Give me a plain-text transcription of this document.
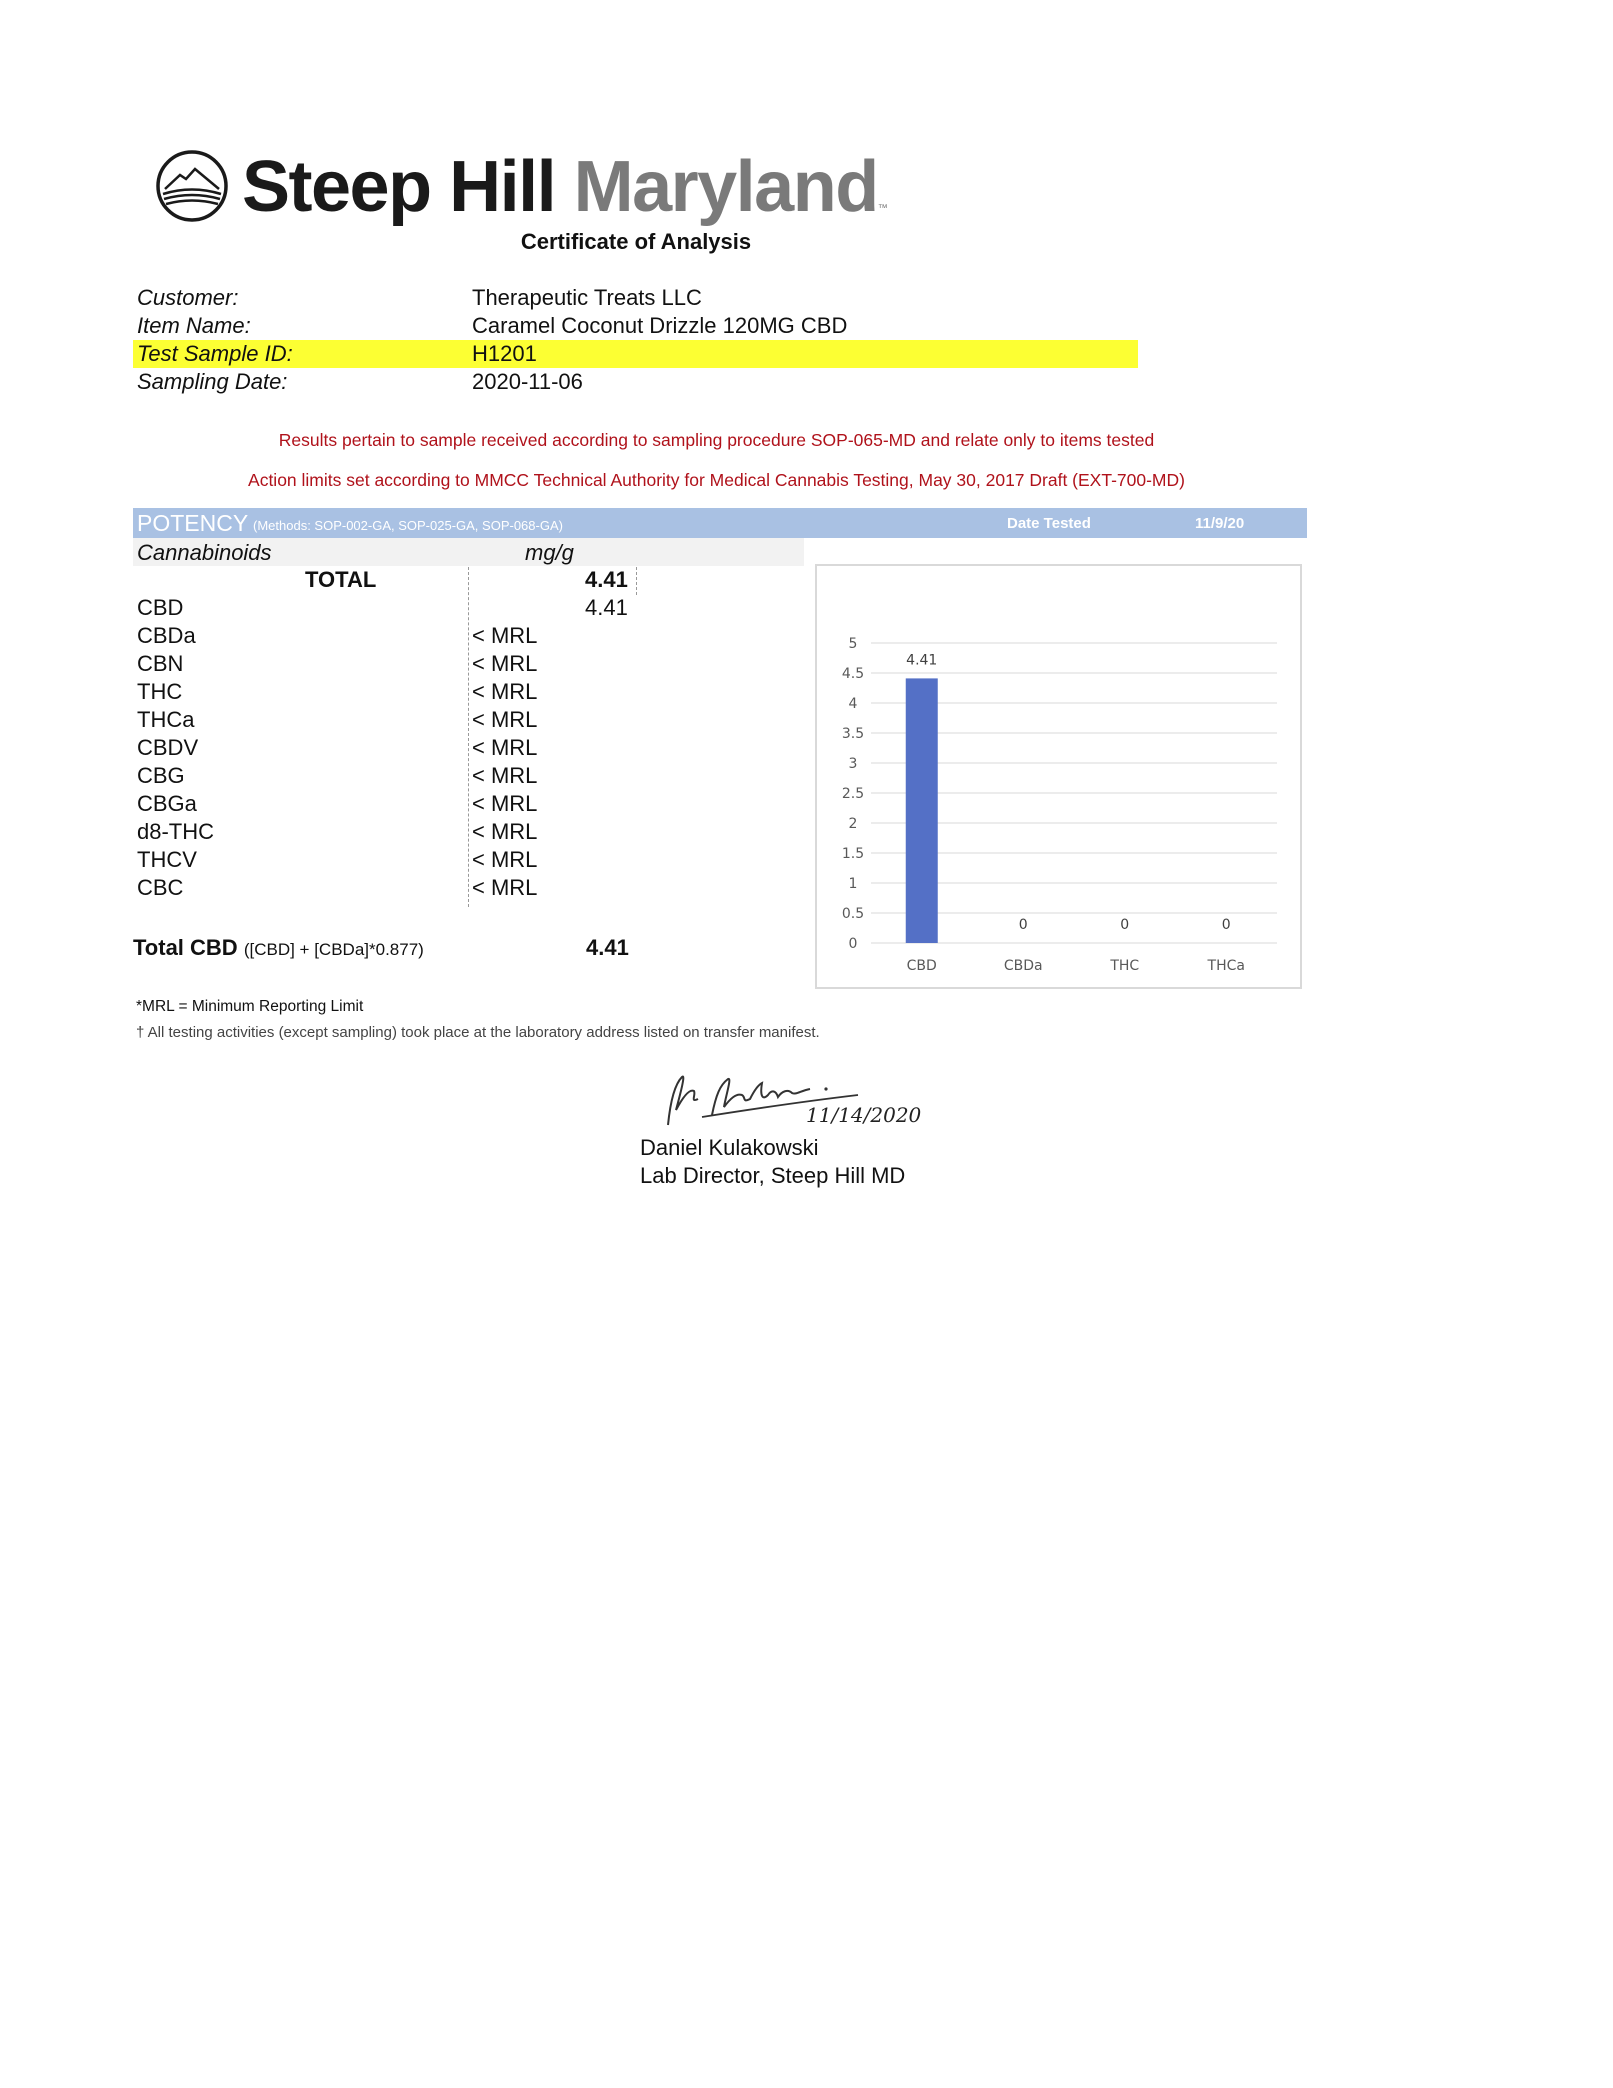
Steep Hill Maryland™
Certificate of Analysis
Customer:	Therapeutic Treats LLC
Item Name:	Caramel Coconut Drizzle 120MG CBD
Test Sample ID:	H1201
Sampling Date:	2020-11-06
Results pertain to sample received according to sampling procedure SOP-065-MD and relate only to items tested
Action limits set according to MMCC Technical Authority for Medical Cannabis Testing, May 30, 2017 Draft (EXT-700-MD)
POTENCY (Methods: SOP-002-GA, SOP-025-GA, SOP-068-GA)	Date Tested	11/9/20
Cannabinoids	mg/g
TOTAL	4.41
CBD	4.41
CBDa	< MRL
CBN	< MRL
THC	< MRL
THCa	< MRL
CBDV	< MRL
CBG	< MRL
CBGa	< MRL
d8-THC	< MRL
THCV	< MRL
CBC	< MRL
Total CBD ([CBD] + [CBDa]*0.877)	4.41	0
0.5
1
1.5
2
2.5
3
3.5
4
4.5
5
4.41
CBD
0
CBDa
0
THC
0
THCa
*MRL = Minimum Reporting Limit
† All testing activities (except sampling) took place at the laboratory address listed on transfer manifest.
11/14/2020
Daniel Kulakowski
Lab Director, Steep Hill MD
